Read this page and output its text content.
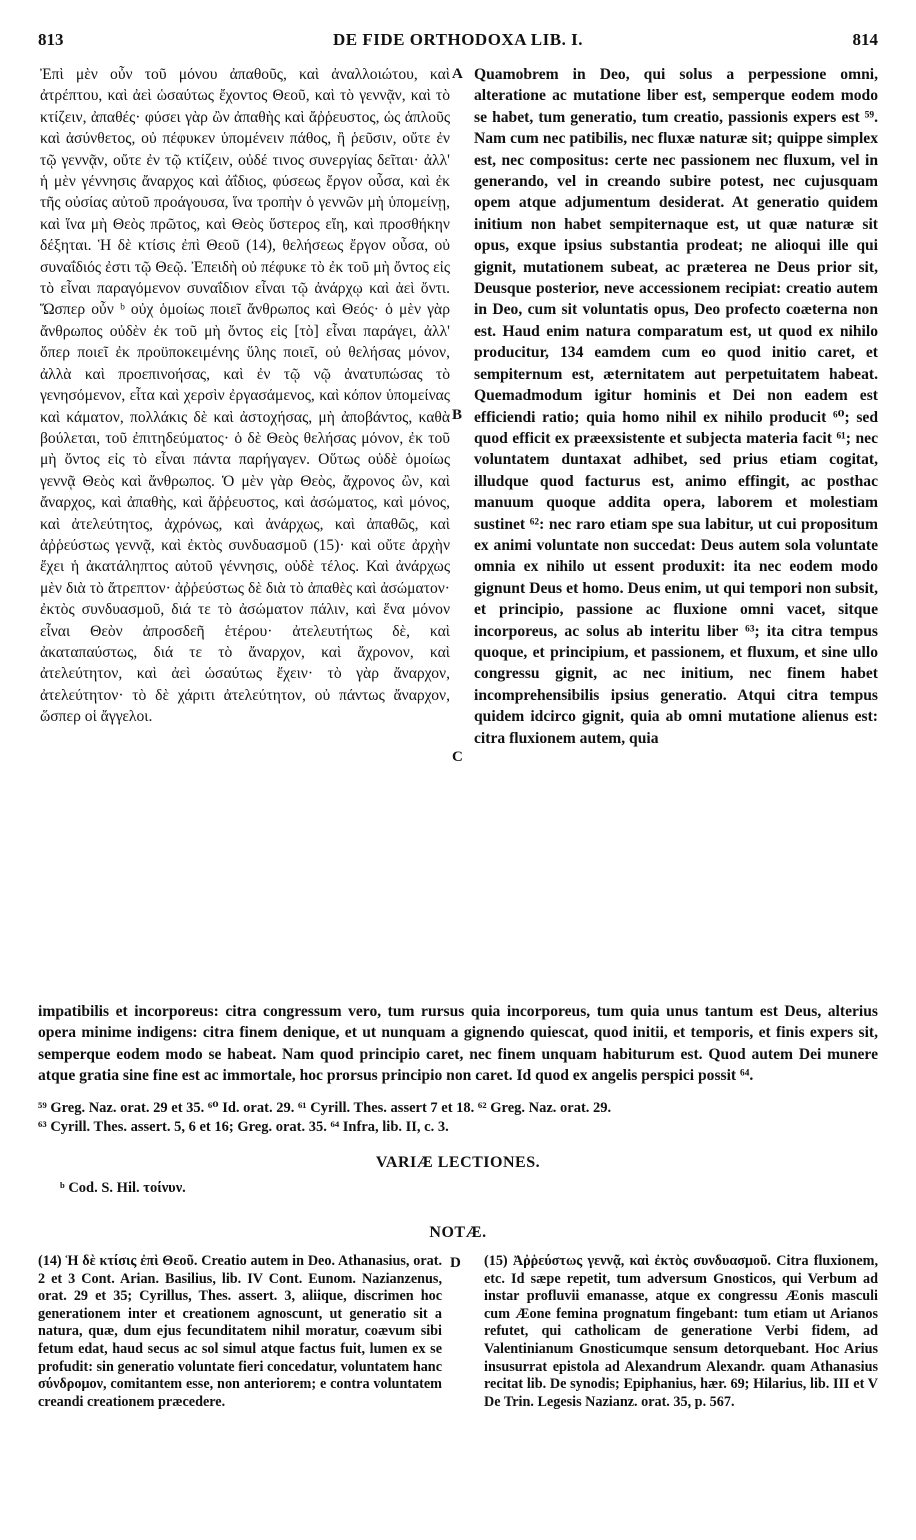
813	DE FIDE ORTHODOXA LIB. I.	814

Ἐπὶ μὲν οὖν τοῦ μόνου ἀπαθοῦς, καὶ ἀναλλοιώτου, καὶ ἀτρέπτου, καὶ ἀεὶ ὡσαύτως ἔχοντος Θεοῦ, καὶ τὸ γεννᾷν, καὶ τὸ κτίζειν, ἀπαθές· φύσει γὰρ ὢν ἀπαθὴς καὶ ἄῤῥευστος, ὡς ἁπλοῦς καὶ ἀσύνθετος, οὐ πέφυκεν ὑπομένειν πάθος, ἢ ῥεῦσιν, οὔτε ἐν τῷ γεννᾷν, οὔτε ἐν τῷ κτίζειν, οὐδέ τινος συνεργίας δεῖται· ἀλλ' ἡ μὲν γέννησις ἄναρχος καὶ ἀΐδιος, φύσεως ἔργον οὖσα, καὶ ἐκ τῆς οὐσίας αὐτοῦ προάγουσα, ἵνα τροπὴν ὁ γεννῶν μὴ ὑπομείνῃ, καὶ ἵνα μὴ Θεὸς πρῶτος, καὶ Θεὸς ὕστερος εἴη, καὶ προσθήκην δέξηται. Ἡ δὲ κτίσις ἐπὶ Θεοῦ (14), θελήσεως ἔργον οὖσα, οὐ συναΐδιός ἐστι τῷ Θεῷ. Ἐπειδὴ οὐ πέφυκε τὸ ἐκ τοῦ μὴ ὄντος εἰς τὸ εἶναι παραγόμενον συναΐδιον εἶναι τῷ ἀνάρχῳ καὶ ἀεὶ ὄντι. Ὥσπερ οὖν ᵇ οὐχ ὁμοίως ποιεῖ ἄνθρωπος καὶ Θεός· ὁ μὲν γὰρ ἄνθρωπος οὐδὲν ἐκ τοῦ μὴ ὄντος εἰς [τὸ] εἶναι παράγει, ἀλλ' ὅπερ ποιεῖ ἐκ προϋποκειμένης ὕλης ποιεῖ, οὐ θελήσας μόνον, ἀλλὰ καὶ προεπινοήσας, καὶ ἐν τῷ νῷ ἀνατυπώσας τὸ γενησόμενον, εἶτα καὶ χερσὶν ἐργασάμενος, καὶ κόπον ὑπομείνας καὶ κάματον, πολλάκις δὲ καὶ ἀστοχήσας, μὴ ἀποβάντος, καθὰ βούλεται, τοῦ ἐπιτηδεύματος· ὁ δὲ Θεὸς θελήσας μόνον, ἐκ τοῦ μὴ ὄντος εἰς τὸ εἶναι πάντα παρήγαγεν. Οὕτως οὐδὲ ὁμοίως γεννᾷ Θεὸς καὶ ἄνθρωπος. Ὁ μὲν γὰρ Θεὸς, ἄχρονος ὢν, καὶ ἄναρχος, καὶ ἀπαθὴς, καὶ ἄῤῥευστος, καὶ ἀσώματος, καὶ μόνος, καὶ ἀτελεύτητος, ἀχρόνως, καὶ ἀνάρχως, καὶ ἀπαθῶς, καὶ ἀῤῥεύστως γεννᾷ, καὶ ἐκτὸς συνδυασμοῦ (15)· καὶ οὔτε ἀρχὴν ἔχει ἡ ἀκατάληπτος αὐτοῦ γέννησις, οὐδὲ τέλος. Καὶ ἀνάρχως μὲν διὰ τὸ ἄτρεπτον· ἀῤῥεύστως δὲ διὰ τὸ ἀπαθὲς καὶ ἀσώματον· ἐκτὸς συνδυασμοῦ, διά τε τὸ ἀσώματον πάλιν, καὶ ἕνα μόνον εἶναι Θεὸν ἀπροσδεῆ ἑτέρου· ἀτελευτήτως δὲ, καὶ ἀκαταπαύστως, διά τε τὸ ἄναρχον, καὶ ἄχρονον, καὶ ἀτελεύτητον, καὶ ἀεὶ ὡσαύτως ἔχειν· τὸ γὰρ ἄναρχον, ἀτελεύτητον· τὸ δὲ χάριτι ἀτελεύτητον, οὐ πάντως ἄναρχον, ὥσπερ οἱ ἄγγελοι.

Quamobrem in Deo, qui solus a perpessione omni, alteratione ac mutatione liber est, semperque eodem modo se habet, tum generatio, tum creatio, passionis expers est ⁵⁹. Nam cum nec patibilis, nec fluxæ naturæ sit; quippe simplex est, nec compositus: certe nec passionem nec fluxum, vel in generando, vel in creando subire potest, nec cujusquam opem atque adjumentum desiderat. At generatio quidem initium non habet sempiternaque est, ut quæ naturæ sit opus, exque ipsius substantia prodeat; ne alioqui ille qui gignit, mutationem subeat, ac præterea ne Deus prior sit, Deusque posterior, neve accessionem recipiat: creatio autem in Deo, cum sit voluntatis opus, Deo profecto coæterna non est. Haud enim natura comparatum est, ut quod ex nihilo producitur, 134 eamdem cum eo quod initio caret, et sempiternum est, æternitatem aut perpetuitatem habeat. Quemadmodum igitur hominis et Dei non eadem est efficiendi ratio; quia homo nihil ex nihilo producit ⁶⁰; sed quod efficit ex præexsistente et subjecta materia facit ⁶¹; nec voluntatem duntaxat adhibet, sed prius etiam cogitat, illudque quod facturus est, animo effingit, ac posthac manuum quoque addita opera, laborem et molestiam sustinet ⁶²: nec raro etiam spe sua labitur, ut cui propositum ex animi voluntate non succedat: Deus autem sola voluntate omnia ex nihilo ut essent produxit: ita nec eodem modo gignunt Deus et homo. Deus enim, ut qui tempori non subsit, et principio, passione ac fluxione omni vacet, sitque incorporeus, ac solus ab interitu liber ⁶³; ita citra tempus quoque, et principium, et passionem, et fluxum, et sine ullo congressu gignit, ac nec initium, nec finem habet incomprehensibilis ipsius generatio. Atqui citra tempus quidem idcirco gignit, quia ab omni mutatione alienus est: citra fluxionem autem, quia

A
B
C

impatibilis et incorporeus: citra congressum vero, tum rursus quia incorporeus, tum quia unus tantum est Deus, alterius opera minime indigens: citra finem denique, et ut nunquam a gignendo quiescat, quod initii, et temporis, et finis expers sit, semperque eodem modo se habeat. Nam quod principio caret, nec finem unquam habiturum est. Quod autem Dei munere atque gratia sine fine est ac immortale, hoc prorsus principio non caret. Id quod ex angelis perspici possit ⁶⁴.

⁵⁹ Greg. Naz. orat. 29 et 35. ⁶⁰ Id. orat. 29. ⁶¹ Cyrill. Thes. assert 7 et 18. ⁶² Greg. Naz. orat. 29.
⁶³ Cyrill. Thes. assert. 5, 6 et 16; Greg. orat. 35. ⁶⁴ Infra, lib. II, c. 3.
VARIÆ LECTIONES.
ᵇ Cod. S. Hil. τοίνυν.
NOTÆ.

(14) Ἡ δὲ κτίσις ἐπὶ Θεοῦ. Creatio autem in Deo. Athanasius, orat. 2 et 3 Cont. Arian. Basilius, lib. IV Cont. Eunom. Nazianzenus, orat. 29 et 35; Cyrillus, Thes. assert. 3, aliique, discrimen hoc generationem inter et creationem agnoscunt, ut generatio sit a natura, quæ, dum ejus fecunditatem nihil moratur, coævum sibi fetum edat, haud secus ac sol simul atque factus fuit, lumen ex se profudit: sin generatio voluntate fieri concedatur, voluntatem hanc σύνδρομον, comitantem esse, non anteriorem; e contra voluntatem creandi creationem præcedere.

D (15) Ἀῤῥεύστως γεννᾷ, καὶ ἐκτὸς συνδυασμοῦ. Citra fluxionem, etc. Id sæpe repetit, tum adversum Gnosticos, qui Verbum ad instar profluvii emanasse, atque ex congressu Æonis masculi cum Æone femina prognatum fingebant: tum etiam ut Arianos refutet, qui catholicam de generatione Verbi fidem, ad Valentinianum Gnosticumque sensum detorquebant. Hoc Arius insusurrat epistola ad Alexandrum Alexandr. quam Athanasius recitat lib. De synodis; Epiphanius, hær. 69; Hilarius, lib. III et V De Trin. Legesis Nazianz. orat. 35, p. 567.
